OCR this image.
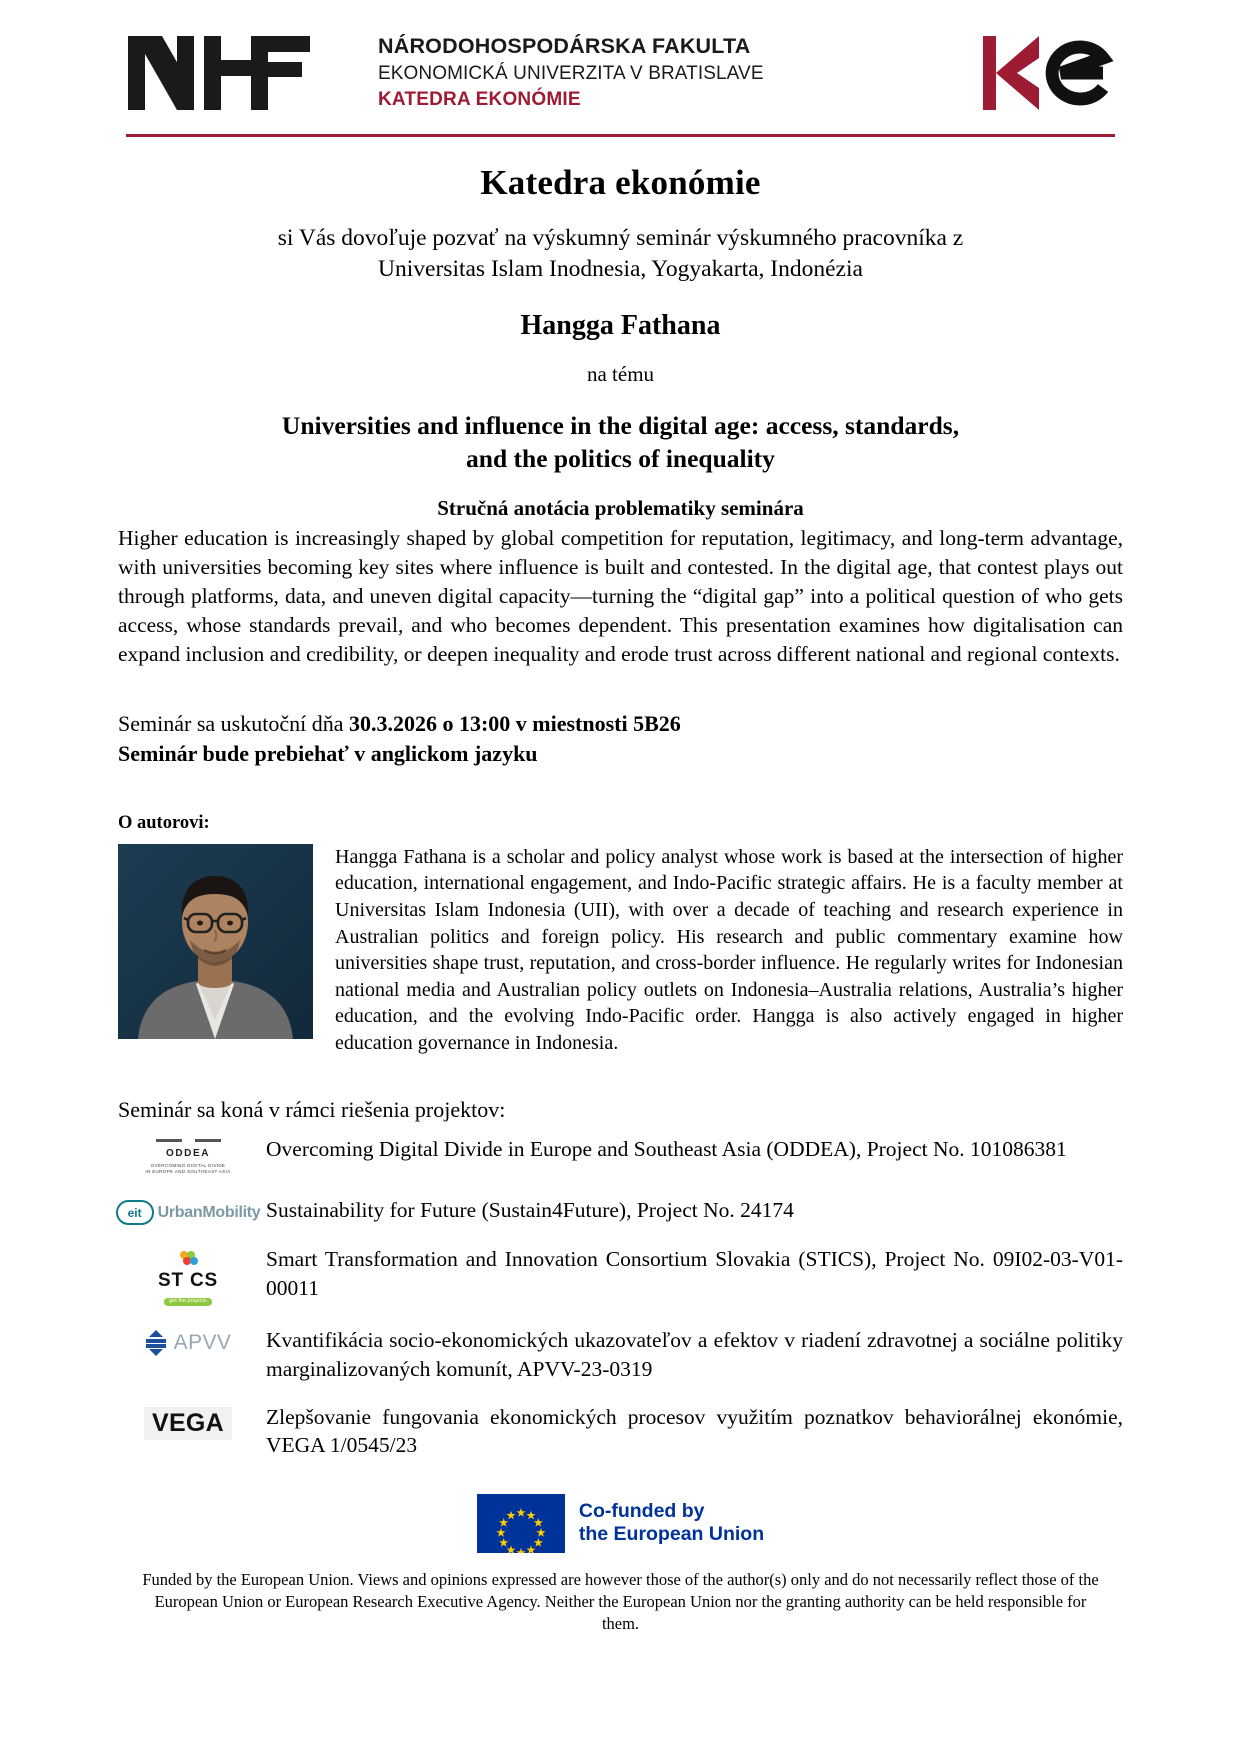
NÁRODOHOSPODÁRSKA FAKULTA
EKONOMICKÁ UNIVERZITA V BRATISLAVE
KATEDRA EKONÓMIE
Katedra ekonómie
si Vás dovoľuje pozvať na výskumný seminár výskumného pracovníka z
Universitas Islam Inodnesia, Yogyakarta, Indonézia
Hangga Fathana
na tému
Universities and influence in the digital age: access, standards,
and the politics of inequality
Stručná anotácia problematiky seminára
Higher education is increasingly shaped by global competition for reputation, legitimacy, and long-term advantage, with universities becoming key sites where influence is built and contested. In the digital age, that contest plays out through platforms, data, and uneven digital capacity—turning the “digital gap” into a political question of who gets access, whose standards prevail, and who becomes dependent. This presentation examines how digitalisation can expand inclusion and credibility, or deepen inequality and erode trust across different national and regional contexts.
Seminár sa uskutoční dňa 30.3.2026 o 13:00 v miestnosti 5B26
Seminár bude prebiehať v anglickom jazyku
O autorovi:
Hangga Fathana is a scholar and policy analyst whose work is based at the intersection of higher education, international engagement, and Indo-Pacific strategic affairs. He is a faculty member at Universitas Islam Indonesia (UII), with over a decade of teaching and research experience in Australian politics and foreign policy. His research and public commentary examine how universities shape trust, reputation, and cross-border influence. He regularly writes for Indonesian national media and Australian policy outlets on Indonesia–Australia relations, Australia’s higher education, and the evolving Indo-Pacific order. Hangga is also actively engaged in higher education governance in Indonesia.
Seminár sa koná v rámci riešenia projektov:
ODDEA
OVERCOMING DIGITAL DIVIDE
IN EUROPE AND SOUTHEAST ASIA
Overcoming Digital Divide in Europe and Southeast Asia (ODDEA), Project No. 101086381
eit	UrbanMobility Sustainability for Future (Sustain4Future), Project No. 24174
ST CS
get the projects
Smart Transformation and Innovation Consortium Slovakia (STICS), Project No. 09I02-03-V01-00011
APVV	Kvantifikácia socio-ekonomických ukazovateľov a efektov v riadení zdravotnej a sociálne politiky marginalizovaných komunít, APVV-23-0319
VEGA	Zlepšovanie fungovania ekonomických procesov využitím poznatkov behaviorálnej ekonómie, VEGA 1/0545/23
Co-funded by
the European Union
Funded by the European Union. Views and opinions expressed are however those of the author(s) only and do not necessarily reflect those of the European Union or European Research Executive Agency. Neither the European Union nor the granting authority can be held responsible for them.
